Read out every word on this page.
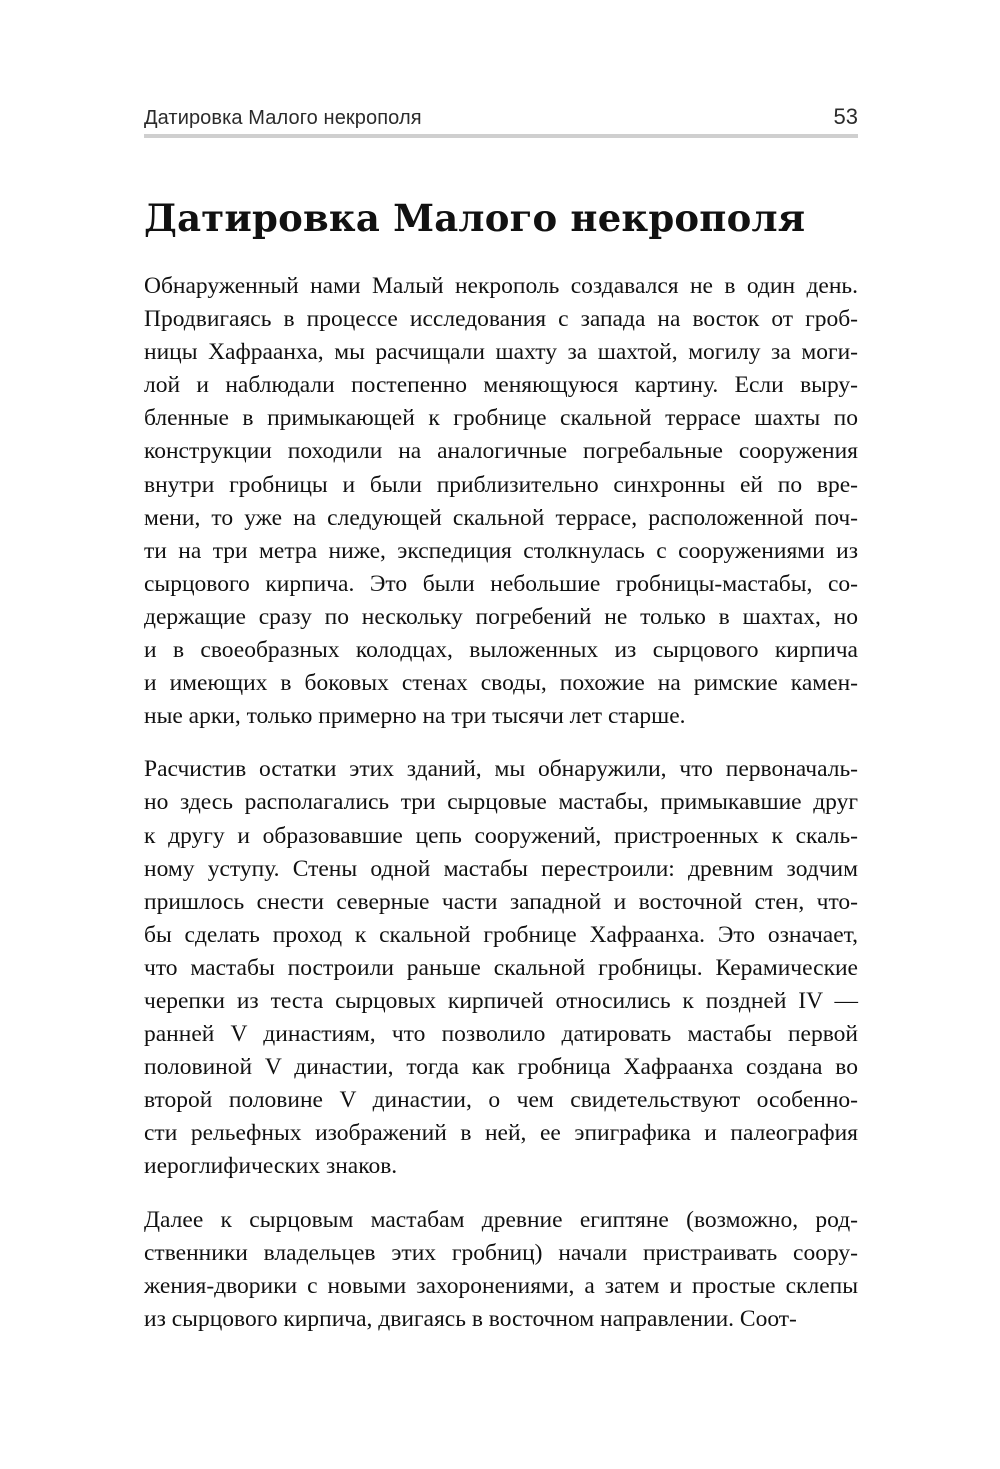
Датировка Малого некрополя	53
Датировка Малого некрополя

Обнаруженный нами Малый некрополь создавался не в один день.
Продвигаясь в процессе исследования с запада на восток от гроб-
ницы Хафраанха, мы расчищали шахту за шахтой, могилу за моги-
лой и наблюдали постепенно меняющуюся картину. Если выру-
бленные в примыкающей к гробнице скальной террасе шахты по
конструкции походили на аналогичные погребальные сооружения
внутри гробницы и были приблизительно синхронны ей по вре-
мени, то уже на следующей скальной террасе, расположенной поч-
ти на три метра ниже, экспедиция столкнулась с сооружениями из
сырцового кирпича. Это были небольшие гробницы-мастабы, со-
держащие сразу по нескольку погребений не только в шахтах, но
и в своеобразных колодцах, выложенных из сырцового кирпича
и имеющих в боковых стенах своды, похожие на римские камен-
ные арки, только примерно на три тысячи лет старше.

Расчистив остатки этих зданий, мы обнаружили, что первоначаль-
но здесь располагались три сырцовые мастабы, примыкавшие друг
к другу и образовавшие цепь сооружений, пристроенных к скаль-
ному уступу. Стены одной мастабы перестроили: древним зодчим
пришлось снести северные части западной и восточной стен, что-
бы сделать проход к скальной гробнице Хафраанха. Это означает,
что мастабы построили раньше скальной гробницы. Керамические
черепки из теста сырцовых кирпичей относились к поздней IV —
ранней V династиям, что позволило датировать мастабы первой
половиной V династии, тогда как гробница Хафраанха создана во
второй половине V династии, о чем свидетельствуют особенно-
сти рельефных изображений в ней, ее эпиграфика и палеография
иероглифических знаков.

Далее к сырцовым мастабам древние египтяне (возможно, род-
ственники владельцев этих гробниц) начали пристраивать соору-
жения-дворики с новыми захоронениями, а затем и простые склепы
из сырцового кирпича, двигаясь в восточном направлении. Соот-
